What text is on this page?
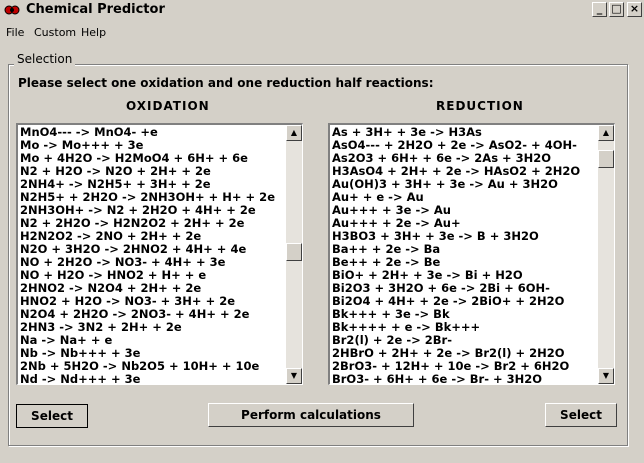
Chemical Predictor	_ □ ×
File Custom Help
Selection
Please select one oxidation and one reduction half reactions:
OXIDATION	REDUCTION
MnO4--- -> MnO4- +e
Mo -> Mo+++ + 3e
Mo + 4H2O -> H2MoO4 + 6H+ + 6e
N2 + H2O -> N2O + 2H+ + 2e
2NH4+ -> N2H5+ + 3H+ + 2e
N2H5+ + 2H2O -> 2NH3OH+ + H+ + 2e
2NH3OH+ -> N2 + 2H2O + 4H+ + 2e
N2 + 2H2O -> H2N2O2 + 2H+ + 2e
H2N2O2 -> 2NO + 2H+ + 2e
N2O + 3H2O -> 2HNO2 + 4H+ + 4e
NO + 2H2O -> NO3- + 4H+ + 3e
NO + H2O -> HNO2 + H+ + e
2HNO2 -> N2O4 + 2H+ + 2e
HNO2 + H2O -> NO3- + 3H+ + 2e
N2O4 + 2H2O -> 2NO3- + 4H+ + 2e
2HN3 -> 3N2 + 2H+ + 2e
Na -> Na+ + e
Nb -> Nb+++ + 3e
2Nb + 5H2O -> Nb2O5 + 10H+ + 10e
Nd -> Nd+++ + 3e
▲
▼
As + 3H+ + 3e -> H3As
AsO4--- + 2H2O + 2e -> AsO2- + 4OH-
As2O3 + 6H+ + 6e -> 2As + 3H2O
H3AsO4 + 2H+ + 2e -> HAsO2 + 2H2O
Au(OH)3 + 3H+ + 3e -> Au + 3H2O
Au+ + e -> Au
Au+++ + 3e -> Au
Au+++ + 2e -> Au+
H3BO3 + 3H+ + 3e -> B + 3H2O
Ba++ + 2e -> Ba
Be++ + 2e -> Be
BiO+ + 2H+ + 3e -> Bi + H2O
Bi2O3 + 3H2O + 6e -> 2Bi + 6OH-
Bi2O4 + 4H+ + 2e -> 2BiO+ + 2H2O
Bk+++ + 3e -> Bk
Bk++++ + e -> Bk+++
Br2(l) + 2e -> 2Br-
2HBrO + 2H+ + 2e -> Br2(l) + 2H2O
2BrO3- + 12H+ + 10e -> Br2 + 6H2O
BrO3- + 6H+ + 6e -> Br- + 3H2O
▲
▼
Select	Perform calculations	Select
